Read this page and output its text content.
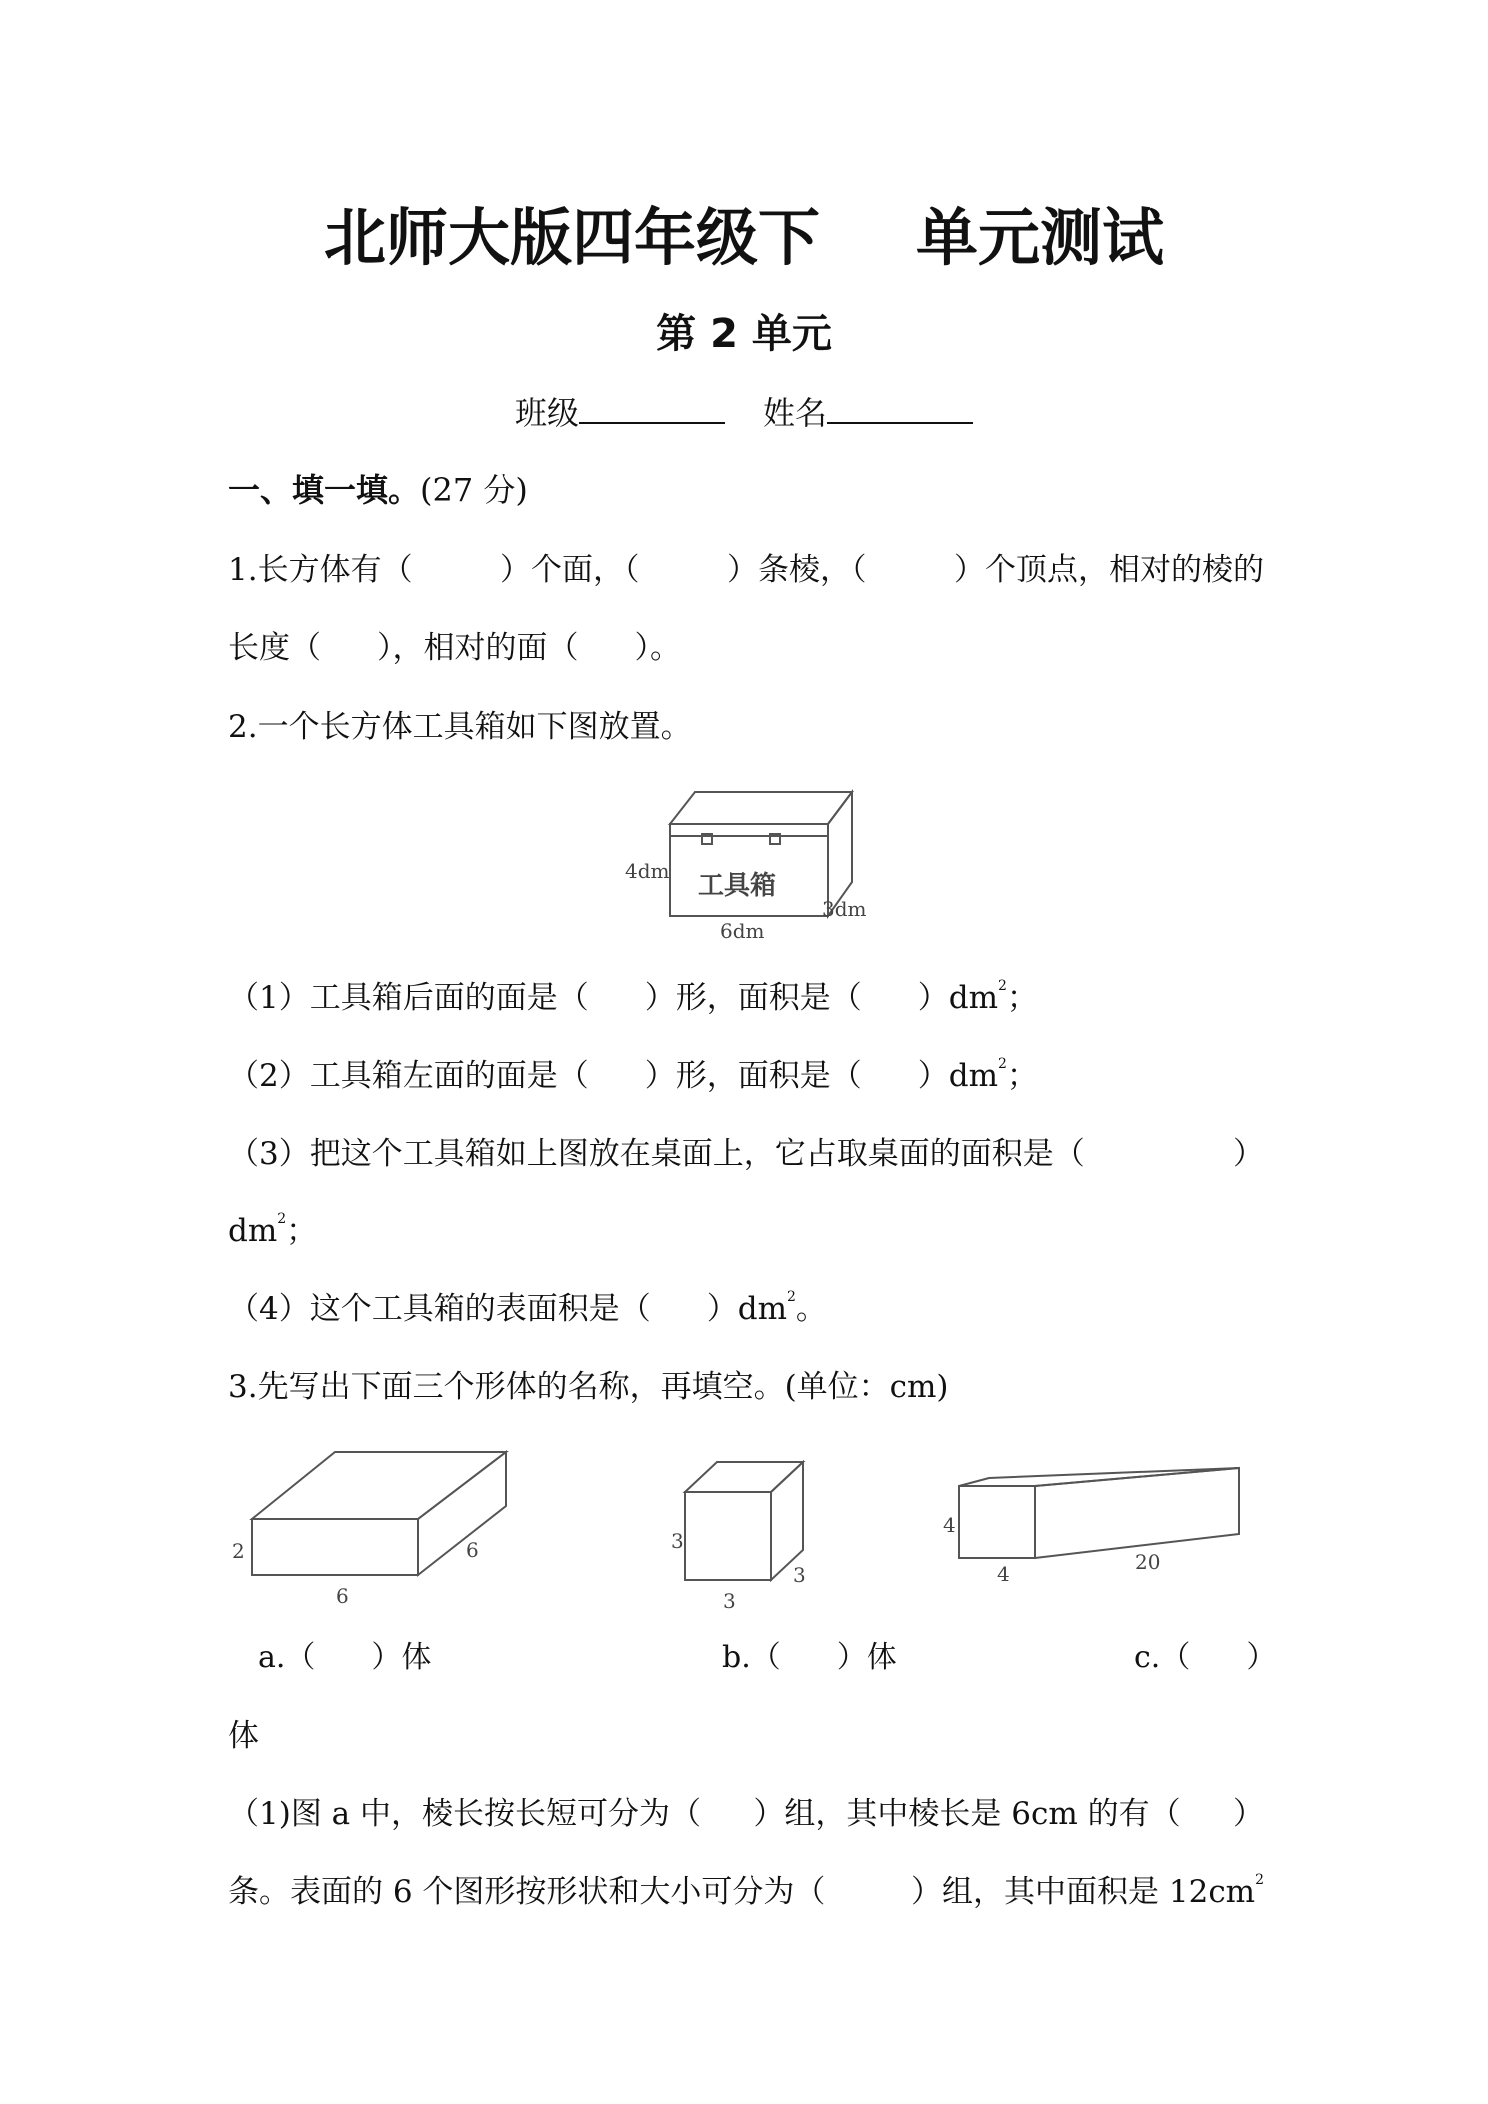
北师大版四年级下 单元测试
第 2 单元
班级	姓名
一、填一填。(27 分)
1.长方体有（	）个面，（	）条棱，（	）个顶点，相对的棱的
长度（ ），相对的面（ ）。
2.一个长方体工具箱如下图放置。
工具箱
4dm
6dm
3dm
（1）工具箱后面的面是（ ）形，面积是（ ）$dm^2$；
（2）工具箱左面的面是（ ）形，面积是（ ）$dm^2$；
（3）把这个工具箱如上图放在桌面上，它占取桌面的面积是（	）
$dm^2$；
（4）这个工具箱的表面积是（ ）$dm^2$。
3.先写出下面三个形体的名称，再填空。(单位：cm)
2
6
6	3
3
3
4
4	20
a.（ ）体	b.（ ）体	c.（ ）
体
（1)图 a 中，棱长按长短可分为（ ）组，其中棱长是 6cm 的有（ ）
条。表面的 6 个图形按形状和大小可分为（	）组，其中面积是 $12cm^2$
